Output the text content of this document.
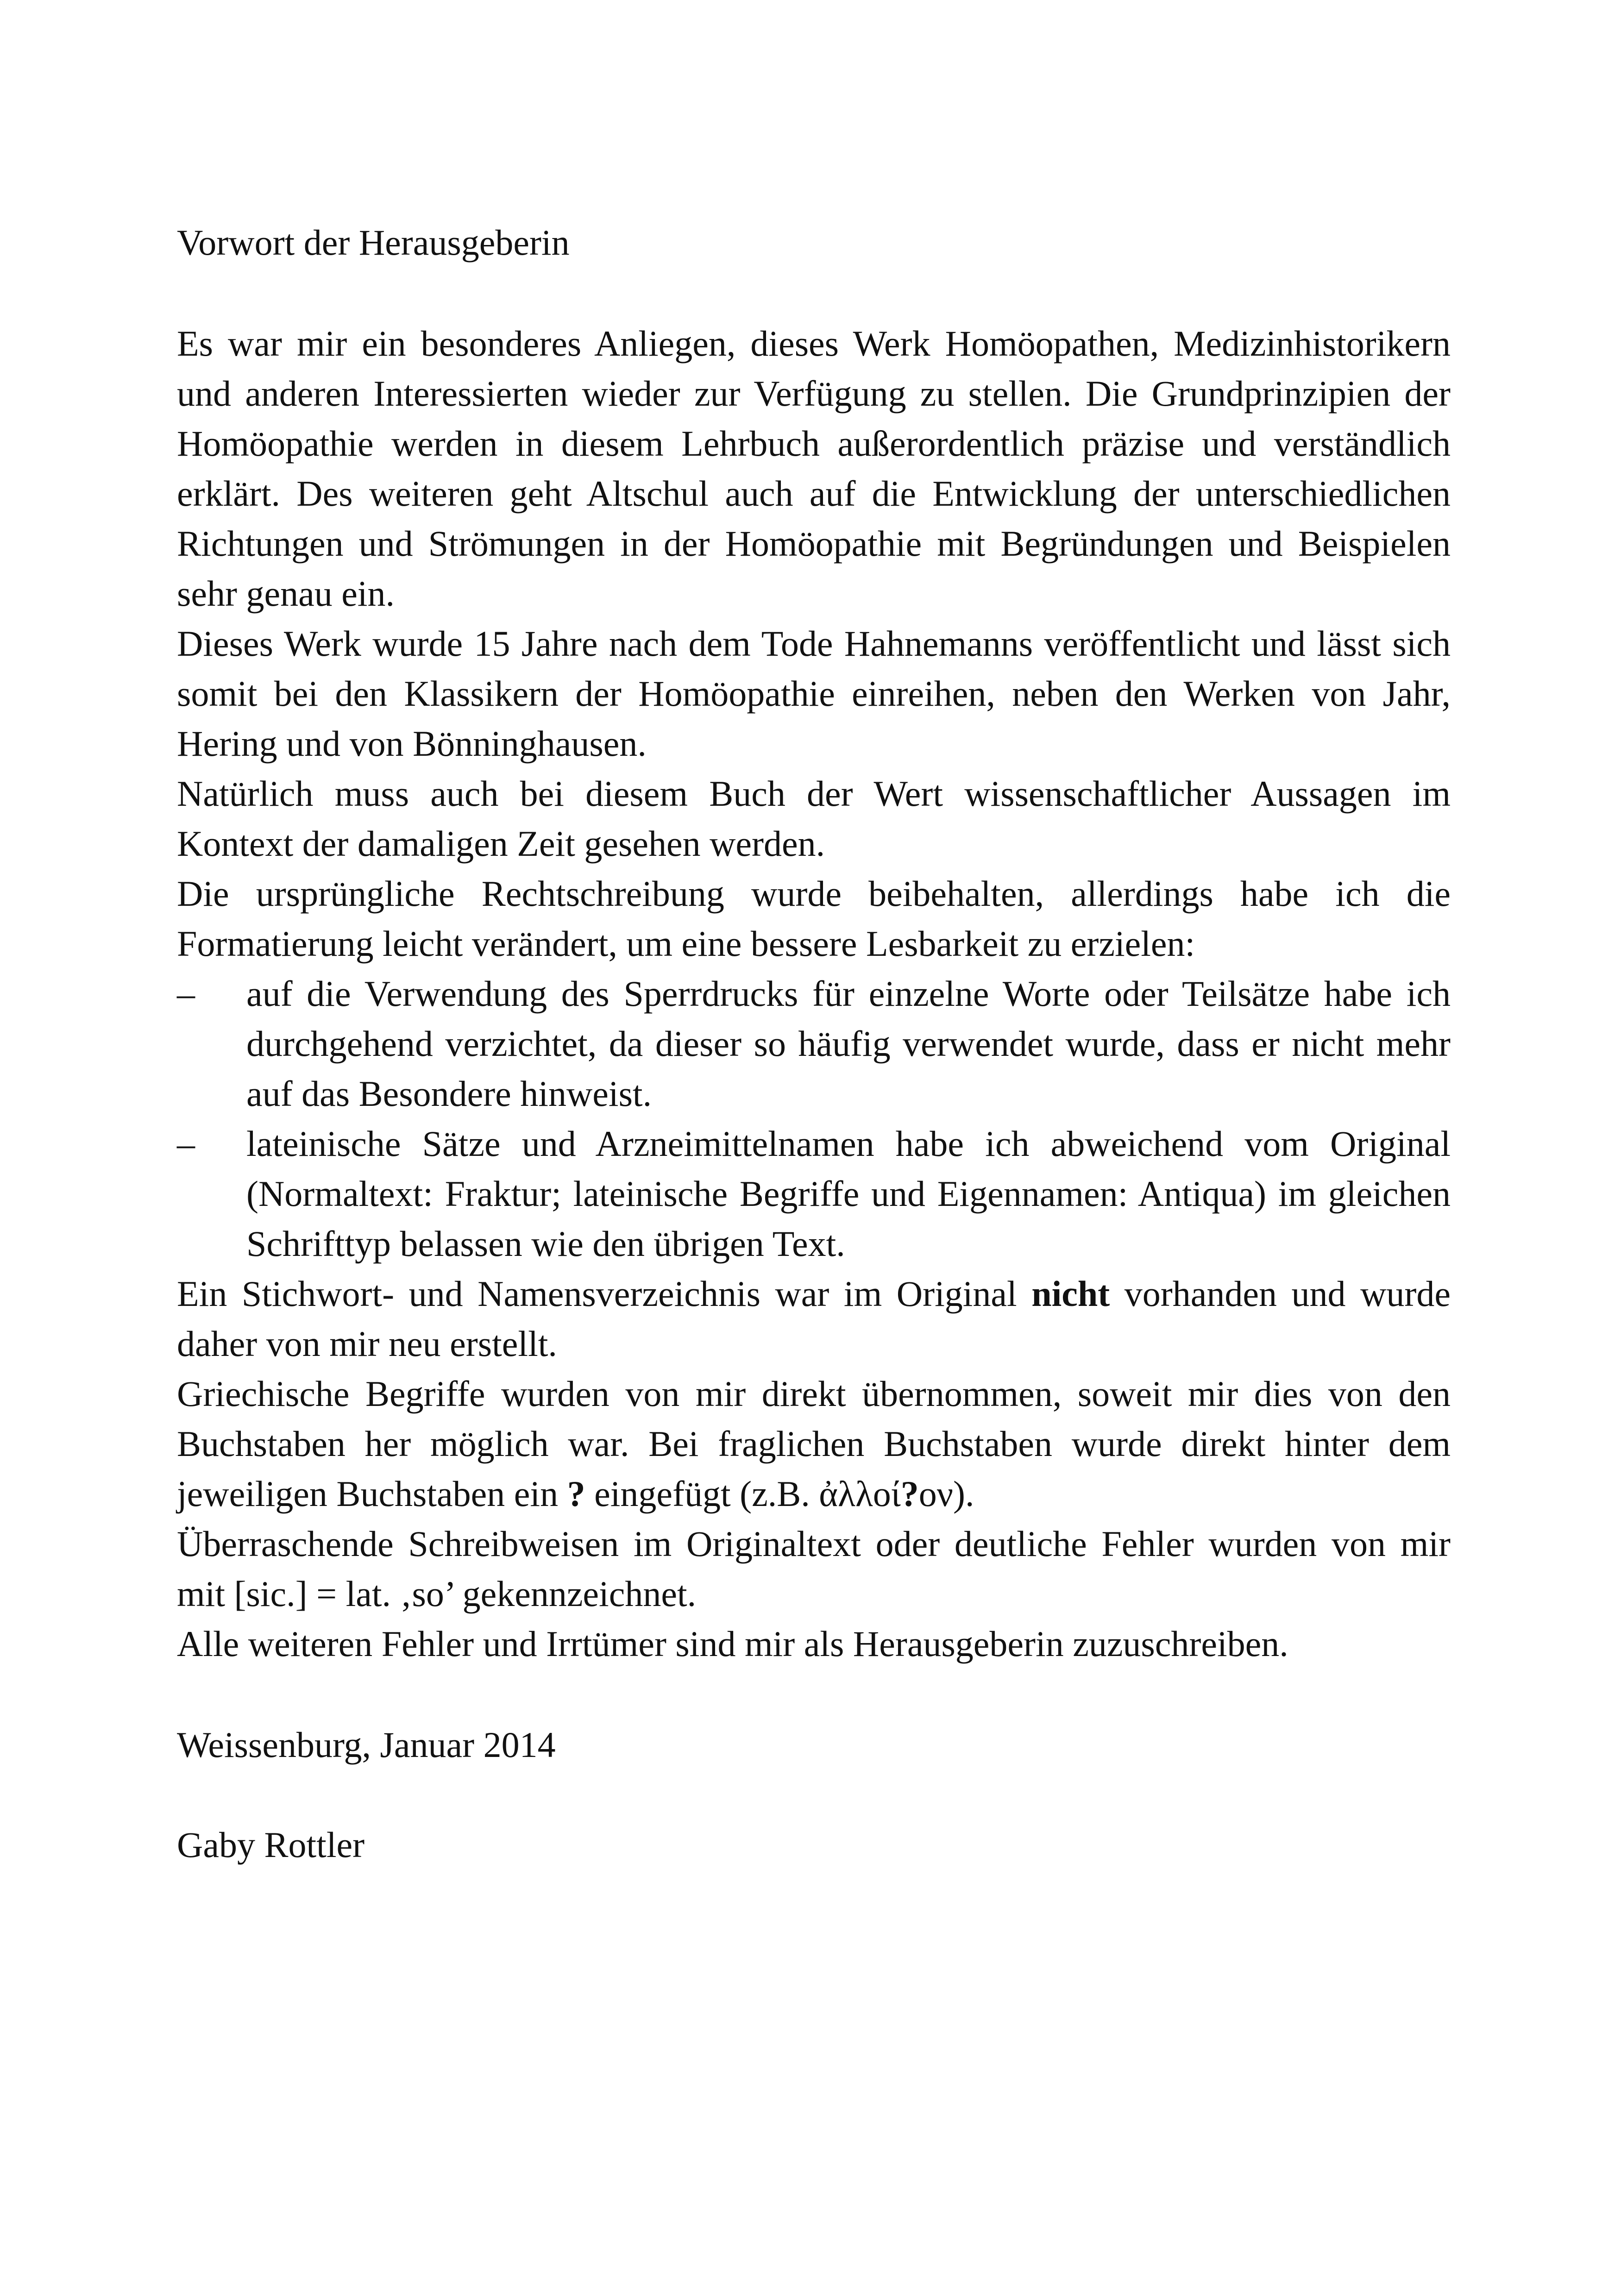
Vorwort der Herausgeberin

Es war mir ein besonderes Anliegen, dieses Werk Homöopathen, Medizinhistorikern und anderen Interessierten wieder zur Verfügung zu stellen. Die Grundprinzipien der Homöopathie werden in diesem Lehrbuch außerordentlich präzise und verständlich erklärt. Des weiteren geht Altschul auch auf die Entwicklung der unterschiedlichen Richtungen und Strömungen in der Homöopathie mit Begründungen und Beispielen sehr genau ein.

Dieses Werk wurde 15 Jahre nach dem Tode Hahnemanns veröffentlicht und lässt sich somit bei den Klassikern der Homöopathie einreihen, neben den Werken von Jahr, Hering und von Bönninghausen.

Natürlich muss auch bei diesem Buch der Wert wissenschaftlicher Aussagen im Kontext der damaligen Zeit gesehen werden.

Die ursprüngliche Rechtschreibung wurde beibehalten, allerdings habe ich die Formatierung leicht verändert, um eine bessere Lesbarkeit zu erzielen:

– auf die Verwendung des Sperrdrucks für einzelne Worte oder Teilsätze habe ich durchgehend verzichtet, da dieser so häufig verwendet wurde, dass er nicht mehr auf das Besondere hinweist.
– lateinische Sätze und Arzneimittelnamen habe ich abweichend vom Original (Normaltext: Fraktur; lateinische Begriffe und Eigennamen: Antiqua) im gleichen Schrifttyp belassen wie den übrigen Text.

Ein Stichwort- und Namensverzeichnis war im Original nicht vorhanden und wurde daher von mir neu erstellt.

Griechische Begriffe wurden von mir direkt übernommen, soweit mir dies von den Buchstaben her möglich war. Bei fraglichen Buchstaben wurde direkt hinter dem jeweiligen Buchstaben ein ? eingefügt (z.B. ἀλλοί?ον).

Überraschende Schreibweisen im Originaltext oder deutliche Fehler wurden von mir mit [sic.] = lat. ‚so’ gekennzeichnet.

Alle weiteren Fehler und Irrtümer sind mir als Herausgeberin zuzuschreiben.

Weissenburg, Januar 2014
Gaby Rottler
